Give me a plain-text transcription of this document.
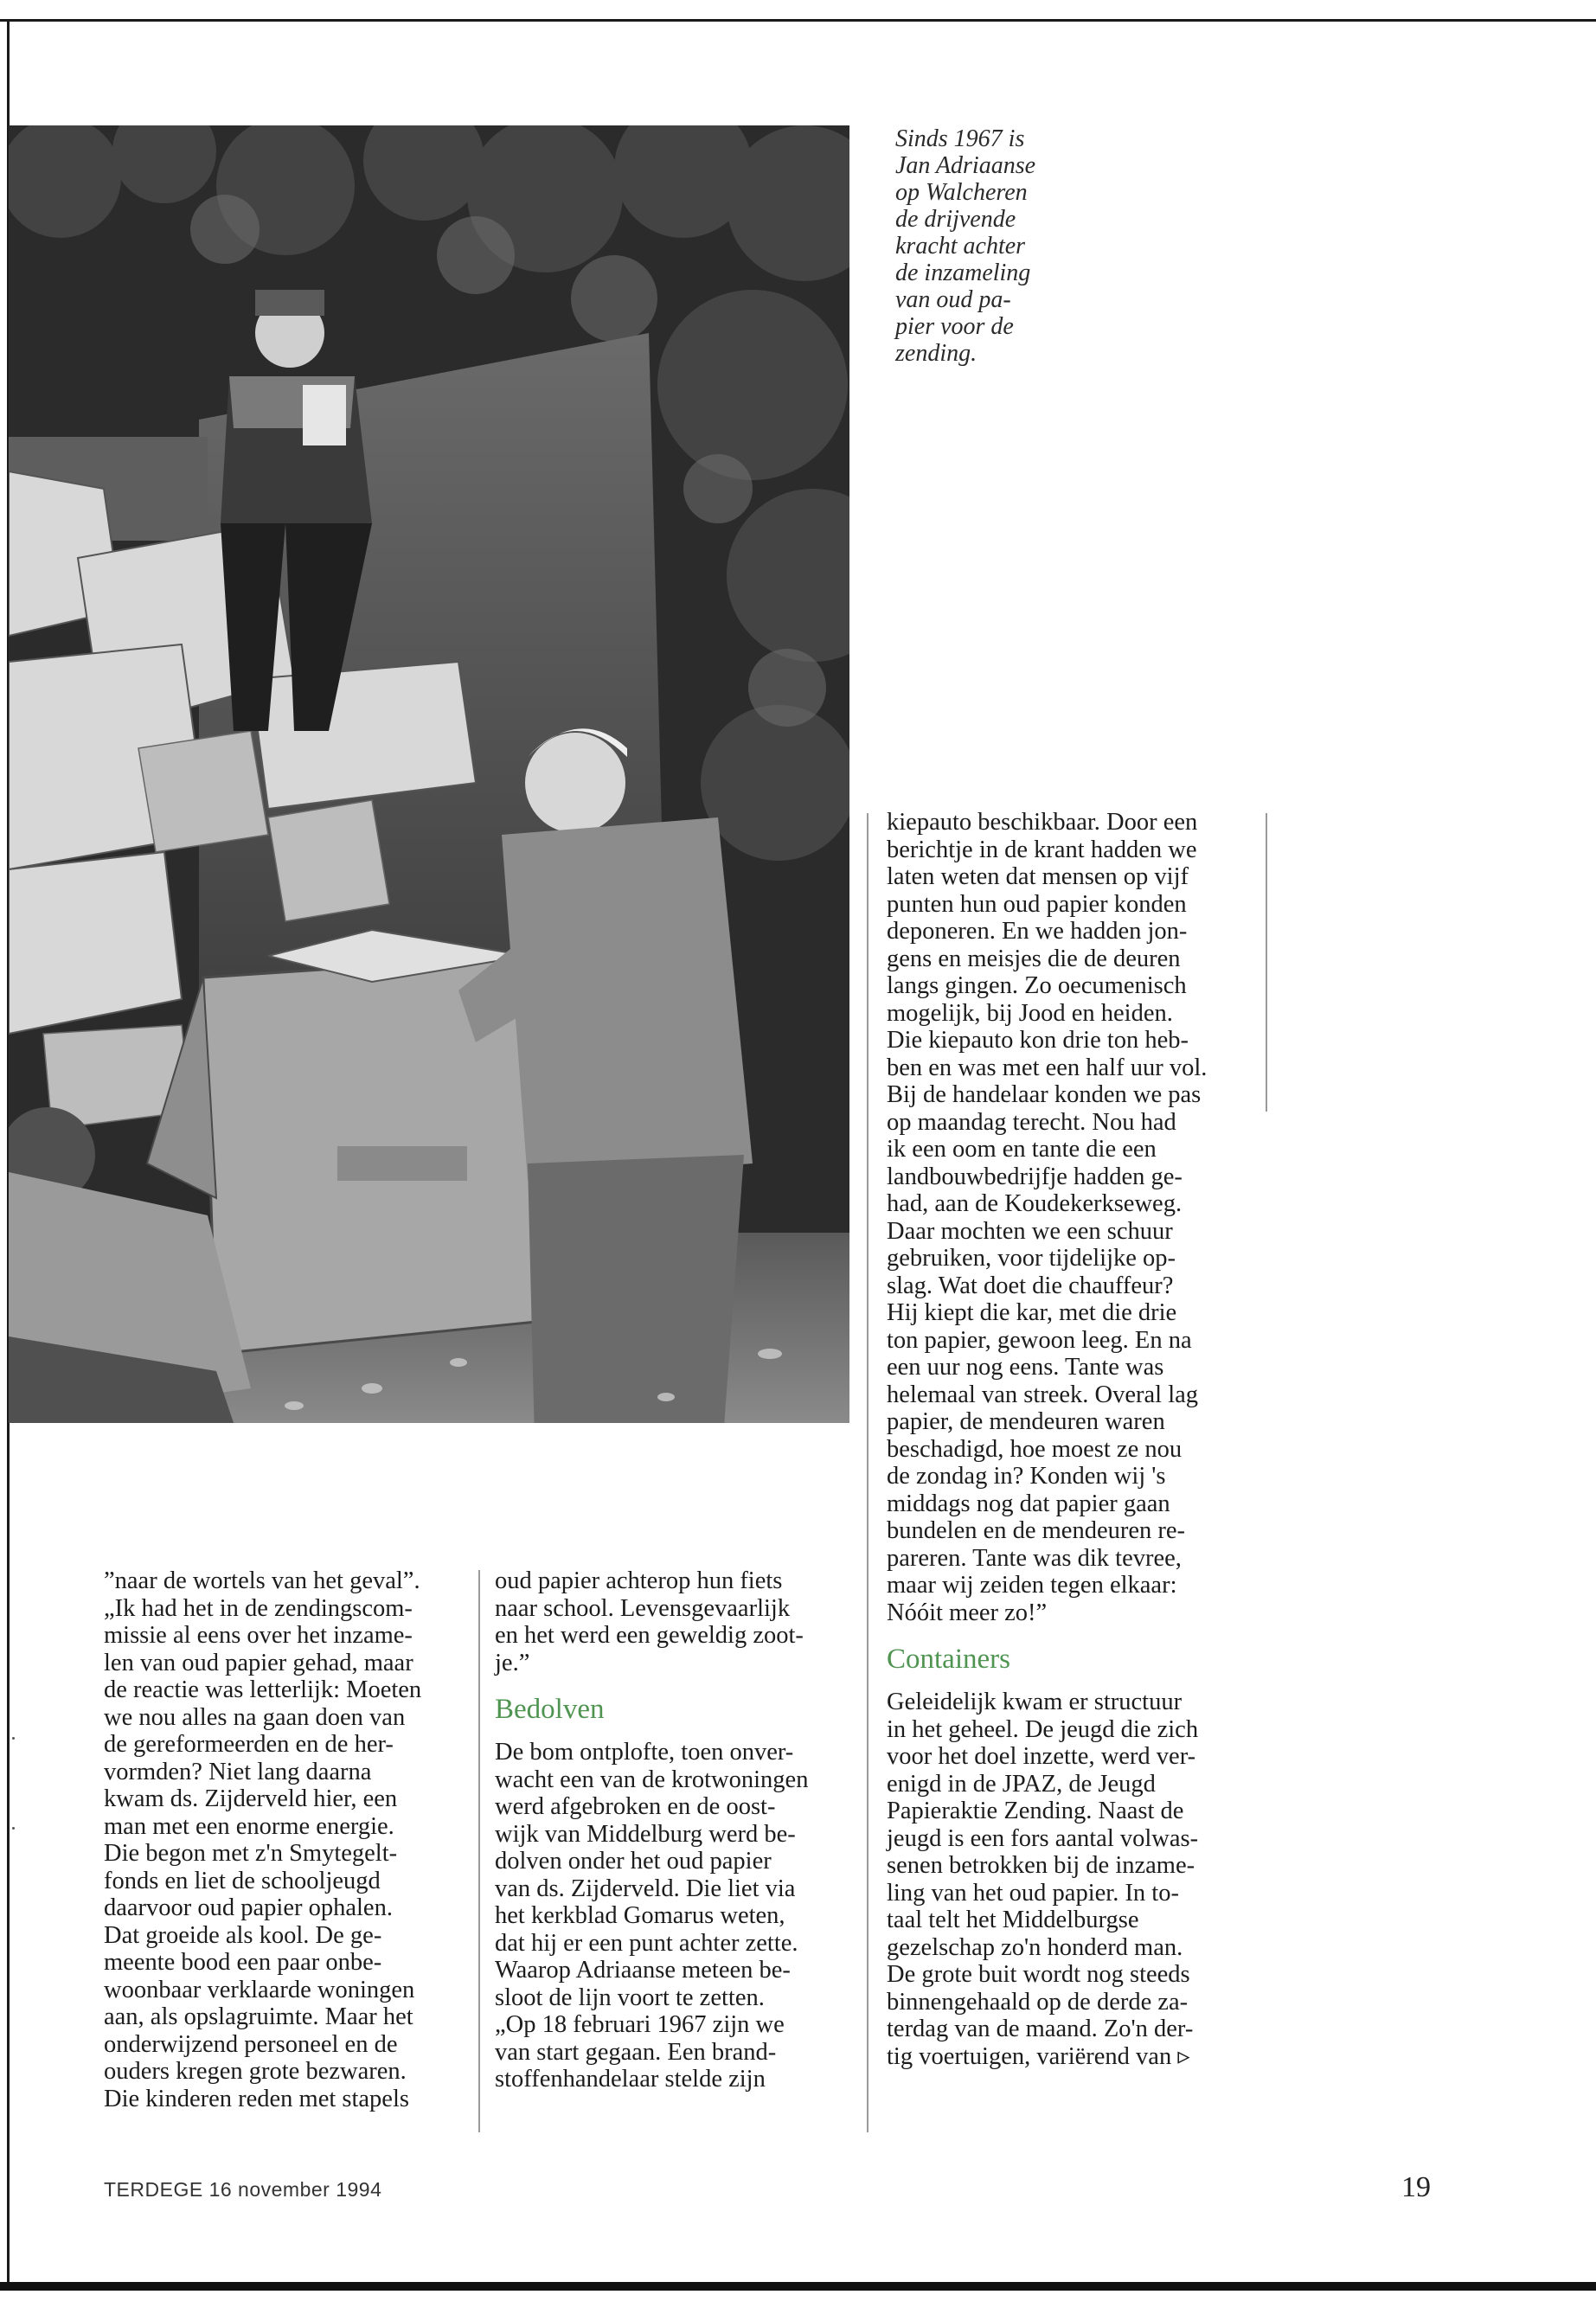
Sinds 1967 is
Jan Adriaanse
op Walcheren
de drijvende
kracht achter
de inzameling
van oud pa-
pier voor de
zending.

”naar de wortels van het geval”.
„Ik had het in de zendingscom-
missie al eens over het inzame-
len van oud papier gehad, maar
de reactie was letterlijk: Moeten
we nou alles na gaan doen van
de gereformeerden en de her-
vormden? Niet lang daarna
kwam ds. Zijderveld hier, een
man met een enorme energie.
Die begon met z'n Smytegelt-
fonds en liet de schooljeugd
daarvoor oud papier ophalen.
Dat groeide als kool. De ge-
meente bood een paar onbe-
woonbaar verklaarde woningen
aan, als opslagruimte. Maar het
onderwijzend personeel en de
ouders kregen grote bezwaren.
Die kinderen reden met stapels
oud papier achterop hun fiets
naar school. Levensgevaarlijk
en het werd een geweldig zoot-
je.”
Bedolven
De bom ontplofte, toen onver-
wacht een van de krotwoningen
werd afgebroken en de oost-
wijk van Middelburg werd be-
dolven onder het oud papier
van ds. Zijderveld. Die liet via
het kerkblad Gomarus weten,
dat hij er een punt achter zette.
Waarop Adriaanse meteen be-
sloot de lijn voort te zetten.
„Op 18 februari 1967 zijn we
van start gegaan. Een brand-
stoffenhandelaar stelde zijn
kiepauto beschikbaar. Door een
berichtje in de krant hadden we
laten weten dat mensen op vijf
punten hun oud papier konden
deponeren. En we hadden jon-
gens en meisjes die de deuren
langs gingen. Zo oecumenisch
mogelijk, bij Jood en heiden.
Die kiepauto kon drie ton heb-
ben en was met een half uur vol.
Bij de handelaar konden we pas
op maandag terecht. Nou had
ik een oom en tante die een
landbouwbedrijfje hadden ge-
had, aan de Koudekerkseweg.
Daar mochten we een schuur
gebruiken, voor tijdelijke op-
slag. Wat doet die chauffeur?
Hij kiept die kar, met die drie
ton papier, gewoon leeg. En na
een uur nog eens. Tante was
helemaal van streek. Overal lag
papier, de mendeuren waren
beschadigd, hoe moest ze nou
de zondag in? Konden wij 's
middags nog dat papier gaan
bundelen en de mendeuren re-
pareren. Tante was dik tevree,
maar wij zeiden tegen elkaar:
Nóóit meer zo!”
Containers
Geleidelijk kwam er structuur
in het geheel. De jeugd die zich
voor het doel inzette, werd ver-
enigd in de JPAZ, de Jeugd
Papieraktie Zending. Naast de
jeugd is een fors aantal volwas-
senen betrokken bij de inzame-
ling van het oud papier. In to-
taal telt het Middelburgse
gezelschap zo'n honderd man.
De grote buit wordt nog steeds
binnengehaald op de derde za-
terdag van de maand. Zo'n der-
tig voertuigen, variërend van ▹
TERDEGE 16 november 1994	19
